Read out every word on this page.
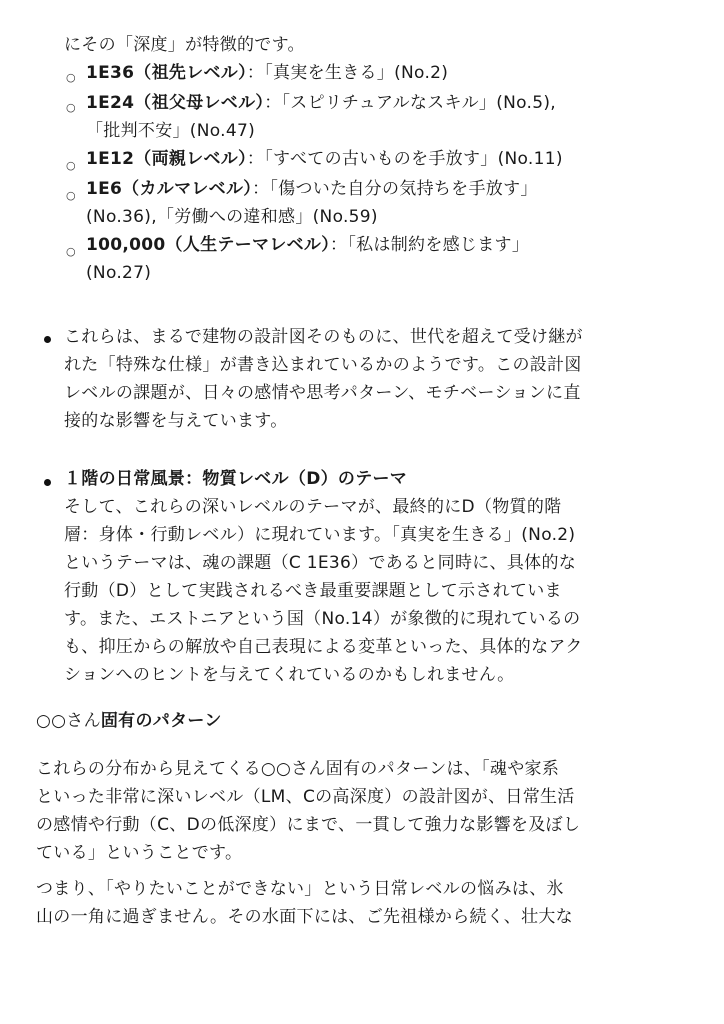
にその「深度」が特徴的です。
○ 1E36（祖先レベル）：「真実を生きる」(No.2)
○ 1E24（祖父母レベル）：「スピリチュアルなスキル」(No.5),
「批判不安」(No.47)
○ 1E12（両親レベル）：「すべての古いものを手放す」(No.11)
○ 1E6（カルマレベル）：「傷ついた自分の気持ちを手放す」
(No.36),「労働への違和感」(No.59)
○ 100,000（人生テーマレベル）：「私は制約を感じます」
(No.27)
これらは、まるで建物の設計図そのものに、世代を超えて受け継が
れた「特殊な仕様」が書き込まれているかのようです。この設計図
レベルの課題が、日々の感情や思考パターン、モチベーションに直
接的な影響を与えています。
１階の日常風景：物質レベル（D）のテーマ
そして、これらの深いレベルのテーマが、最終的にD（物質的階
層：身体・行動レベル）に現れています。「真実を生きる」(No.2)
というテーマは、魂の課題（C 1E36）であると同時に、具体的な
行動（D）として実践されるべき最重要課題として示されていま
す。また、エストニアという国（No.14）が象徴的に現れているの
も、抑圧からの解放や自己表現による変革といった、具体的なアク
ションへのヒントを与えてくれているのかもしれません。
○○さん固有のパターン
これらの分布から見えてくる○○さん固有のパターンは、「魂や家系
といった非常に深いレベル（LM、Cの高深度）の設計図が、日常生活
の感情や行動（C、Dの低深度）にまで、一貫して強力な影響を及ぼし
ている」ということです。
つまり、「やりたいことができない」という日常レベルの悩みは、氷
山の一角に過ぎません。その水面下には、ご先祖様から続く、壮大な
